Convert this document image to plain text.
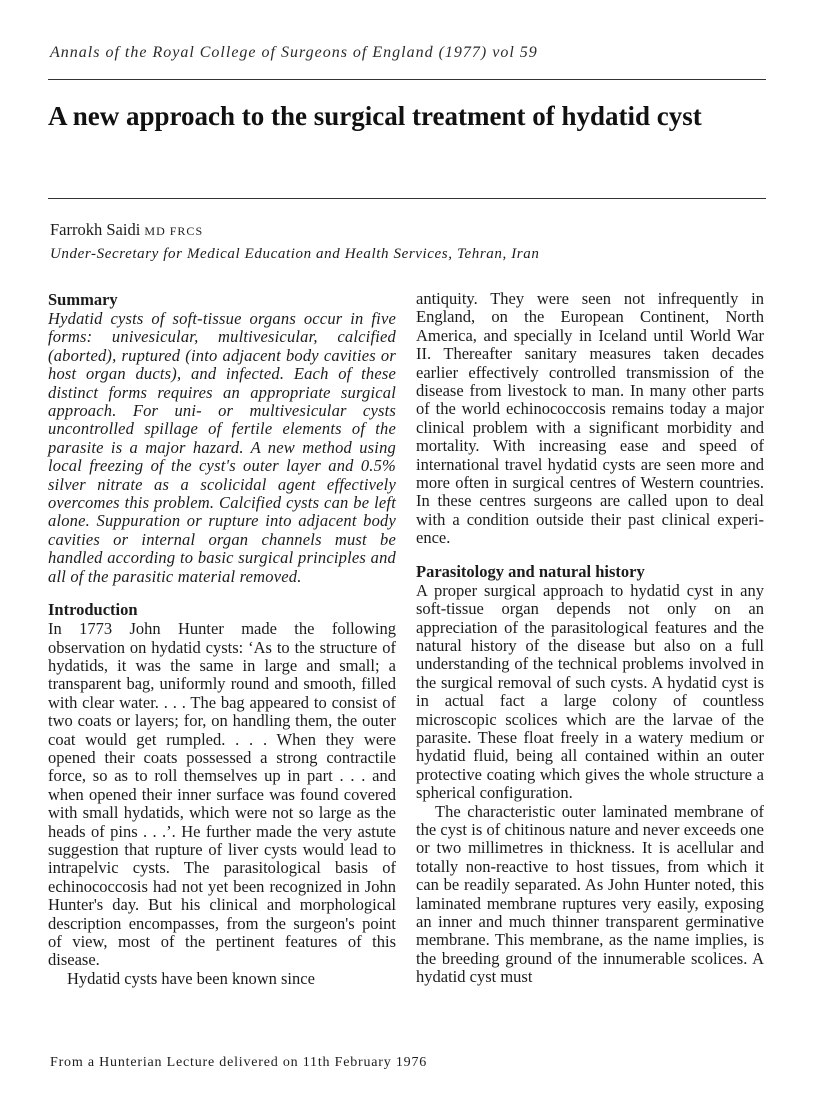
Annals of the Royal College of Surgeons of England (1977) vol 59
A new approach to the surgical treatment of hydatid cyst
Farrokh Saidi MD FRCS
Under-Secretary for Medical Education and Health Services, Tehran, Iran
Summary

Hydatid cysts of soft-tissue organs occur in five forms: univesicular, multivesicular, calcified (aborted), ruptured (into adjacent body cavities or host organ ducts), and infected. Each of these distinct forms requires an appropriate surgical approach. For uni- or multivesicular cysts uncontrolled spillage of fertile elements of the parasite is a major hazard. A new method using local freezing of the cyst's outer layer and 0.5% silver nitrate as a scolicidal agent effectively overcomes this problem. Calcified cysts can be left alone. Suppuration or rupture into adjacent body cavities or internal organ channels must be handled according to basic surgical principles and all of the parasitic material removed.

Introduction

In 1773 John Hunter made the following observation on hydatid cysts: ‘As to the structure of hydatids, it was the same in large and small; a transparent bag, uniformly round and smooth, filled with clear water. . . . The bag appeared to consist of two coats or layers; for, on handling them, the outer coat would get rumpled. . . . When they were opened their coats possessed a strong contractile force, so as to roll themselves up in part . . . and when opened their inner surface was found covered with small hydatids, which were not so large as the heads of pins . . .’. He further made the very astute suggestion that rupture of liver cysts would lead to intrapelvic cysts. The parasitological basis of echinococcosis had not yet been recognized in John Hunter's day. But his clinical and morphological description encompasses, from the surgeon's point of view, most of the pertinent features of this disease.

Hydatid cysts have been known since

antiquity. They were seen not infrequently in England, on the European Continent, North America, and specially in Iceland until World War II. Thereafter sanitary measures taken decades earlier effectively controlled transmission of the disease from livestock to man. In many other parts of the world echinococcosis remains today a major clinical problem with a significant morbidity and mortality. With increasing ease and speed of international travel hydatid cysts are seen more and more often in surgical centres of Western countries. In these centres surgeons are called upon to deal with a condition outside their past clinical experience.

Parasitology and natural history

A proper surgical approach to hydatid cyst in any soft-tissue organ depends not only on an appreciation of the parasitological features and the natural history of the disease but also on a full understanding of the technical problems involved in the surgical removal of such cysts. A hydatid cyst is in actual fact a large colony of countless microscopic scolices which are the larvae of the parasite. These float freely in a watery medium or hydatid fluid, being all contained within an outer protective coating which gives the whole structure a spherical configuration.

The characteristic outer laminated membrane of the cyst is of chitinous nature and never exceeds one or two millimetres in thickness. It is acellular and totally non-reactive to host tissues, from which it can be readily separated. As John Hunter noted, this laminated membrane ruptures very easily, exposing an inner and much thinner transparent germinative membrane. This membrane, as the name implies, is the breeding ground of the innumerable scolices. A hydatid cyst must

From a Hunterian Lecture delivered on 11th February 1976
